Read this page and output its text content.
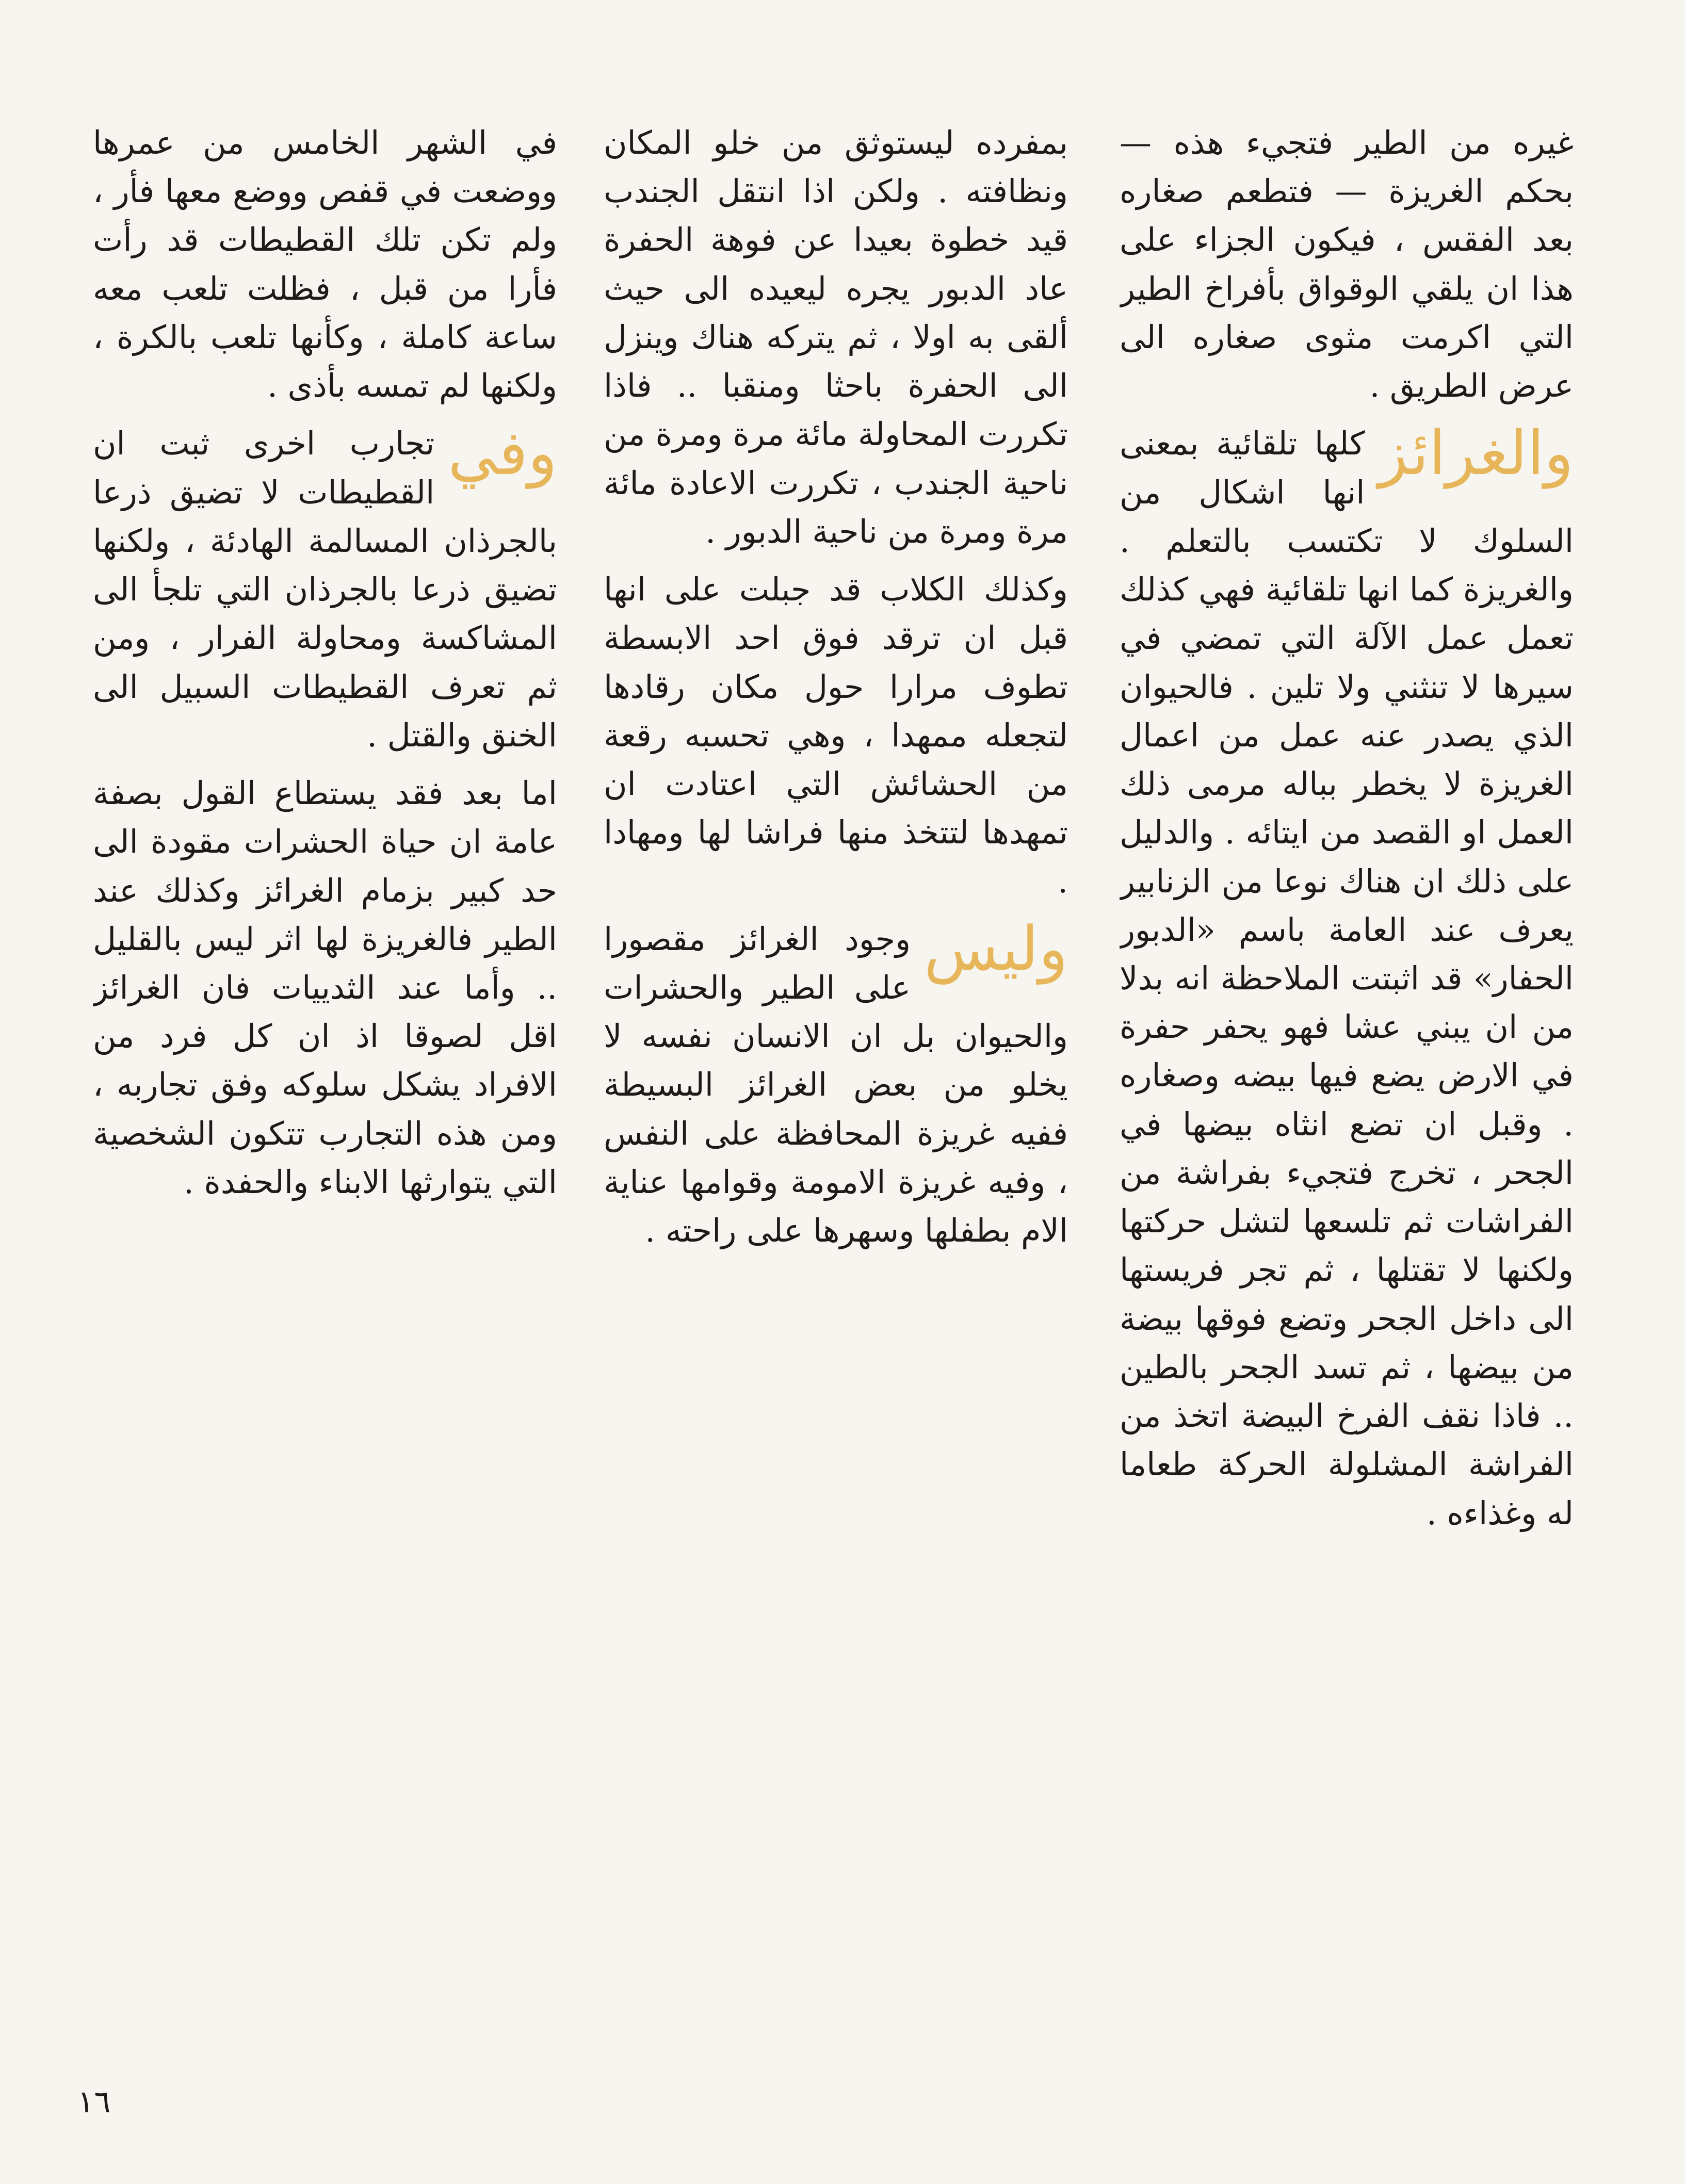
غيره من الطير فتجيء هذه — بحكم الغريزة — فتطعم صغاره بعد الفقس ، فيكون الجزاء على هذا ان يلقي الوقواق بأفراخ الطير التي اكرمت مثوى صغاره الى عرض الطريق .

والغرائز
كلها تلقائية بمعنى انها اشكال من السلوك لا تكتسب بالتعلم . والغريزة كما انها تلقائية فهي كذلك تعمل عمل الآلة التي تمضي في سيرها لا تنثني ولا تلين . فالحيوان الذي يصدر عنه عمل من اعمال الغريزة لا يخطر بباله مرمى ذلك العمل او القصد من ايتائه . والدليل على ذلك ان هناك نوعا من الزنابير يعرف عند العامة باسم «الدبور الحفار» قد اثبتت الملاحظة انه بدلا من ان يبني عشا فهو يحفر حفرة في الارض يضع فيها بيضه وصغاره . وقبل ان تضع انثاه بيضها في الجحر ، تخرج فتجيء بفراشة من الفراشات ثم تلسعها لتشل حركتها ولكنها لا تقتلها ، ثم تجر فريستها الى داخل الجحر وتضع فوقها بيضة من بيضها ، ثم تسد الجحر بالطين .. فاذا نقف الفرخ البيضة اتخذ من الفراشة المشلولة الحركة طعاما له وغذاءه .

بمفرده ليستوثق من خلو المكان ونظافته . ولكن اذا انتقل الجندب قيد خطوة بعيدا عن فوهة الحفرة عاد الدبور يجره ليعيده الى حيث ألقى به اولا ، ثم يتركه هناك وينزل الى الحفرة باحثا ومنقبا .. فاذا تكررت المحاولة مائة مرة ومرة من ناحية الجندب ، تكررت الاعادة مائة مرة ومرة من ناحية الدبور .

وكذلك الكلاب قد جبلت على انها قبل ان ترقد فوق احد الابسطة تطوف مرارا حول مكان رقادها لتجعله ممهدا ، وهي تحسبه رقعة من الحشائش التي اعتادت ان تمهدها لتتخذ منها فراشا لها ومهادا .

وليس
وجود الغرائز مقصورا على الطير والحشرات والحيوان بل ان الانسان نفسه لا يخلو من بعض الغرائز البسيطة ففيه غريزة المحافظة على النفس ، وفيه غريزة الامومة وقوامها عناية الام بطفلها وسهرها على راحته .

في الشهر الخامس من عمرها ووضعت في قفص ووضع معها فأر ، ولم تكن تلك القطيطات قد رأت فأرا من قبل ، فظلت تلعب معه ساعة كاملة ، وكأنها تلعب بالكرة ، ولكنها لم تمسه بأذى .

وفي
تجارب اخرى ثبت ان القطيطات لا تضيق ذرعا بالجرذان المسالمة الهادئة ، ولكنها تضيق ذرعا بالجرذان التي تلجأ الى المشاكسة ومحاولة الفرار ، ومن ثم تعرف القطيطات السبيل الى الخنق والقتل .

اما بعد فقد يستطاع القول بصفة عامة ان حياة الحشرات مقودة الى حد كبير بزمام الغرائز وكذلك عند الطير فالغريزة لها اثر ليس بالقليل .. وأما عند الثدييات فان الغرائز اقل لصوقا اذ ان كل فرد من الافراد يشكل سلوكه وفق تجاربه ، ومن هذه التجارب تتكون الشخصية التي يتوارثها الابناء والحفدة .

١٦
